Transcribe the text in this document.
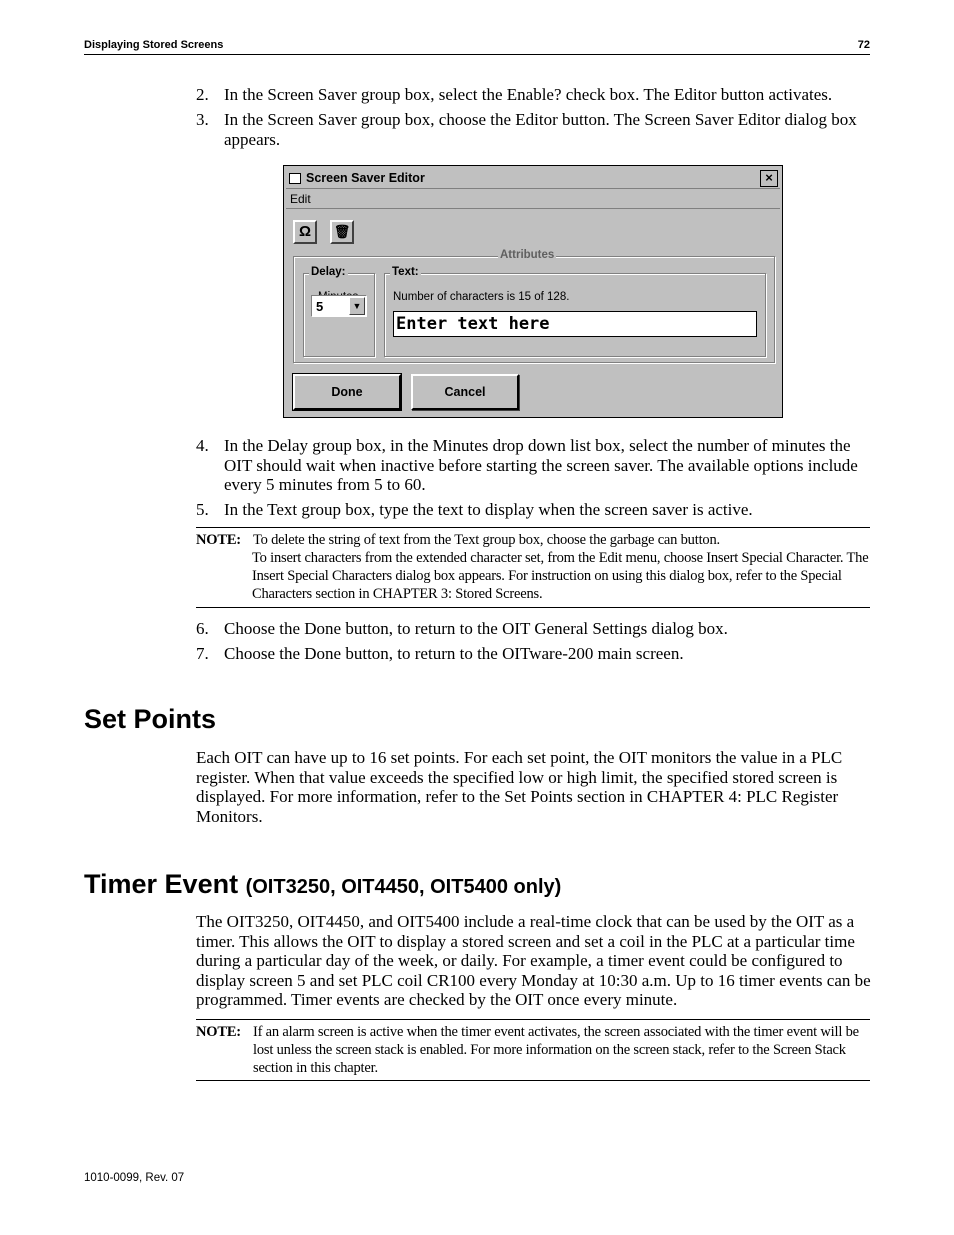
Displaying Stored Screens	72
2. In the Screen Saver group box, select the Enable? check box. The Editor button activates.
3. In the Screen Saver group box, choose the Editor button. The Screen Saver Editor dialog box appears.
Screen Saver Editor	×
Edit
Ω	🗑
Attributes
Delay:
5	▼
Text:
Number of characters is 15 of 128.
Enter text here
Done	Cancel
4. In the Delay group box, in the Minutes drop down list box, select the number of minutes the OIT should wait when inactive before starting the screen saver. The available options include every 5 minutes from 5 to 60.
5. In the Text group box, type the text to display when the screen saver is active.
NOTE: To delete the string of text from the Text group box, choose the garbage can button.
To insert characters from the extended character set, from the Edit menu, choose Insert Special Character. The Insert Special Characters dialog box appears. For instruction on using this dialog box, refer to the Special Characters section in CHAPTER 3: Stored Screens.
6. Choose the Done button, to return to the OIT General Settings dialog box.
7. Choose the Done button, to return to the OITware-200 main screen.
Set Points

Each OIT can have up to 16 set points. For each set point, the OIT monitors the value in a PLC register. When that value exceeds the specified low or high limit, the specified stored screen is displayed. For more information, refer to the Set Points section in CHAPTER 4: PLC Register Monitors.

Timer Event (OIT3250, OIT4450, OIT5400 only)

The OIT3250, OIT4450, and OIT5400 include a real-time clock that can be used by the OIT as a timer. This allows the OIT to display a stored screen and set a coil in the PLC at a particular time during a particular day of the week, or daily. For example, a timer event could be configured to display screen 5 and set PLC coil CR100 every Monday at 10:30 a.m. Up to 16 timer events can be programmed. Timer events are checked by the OIT once every minute.

NOTE: If an alarm screen is active when the timer event activates, the screen associated with the timer event will be lost unless the screen stack is enabled. For more information on the screen stack, refer to the Screen Stack section in this chapter.
1010-0099, Rev. 07
